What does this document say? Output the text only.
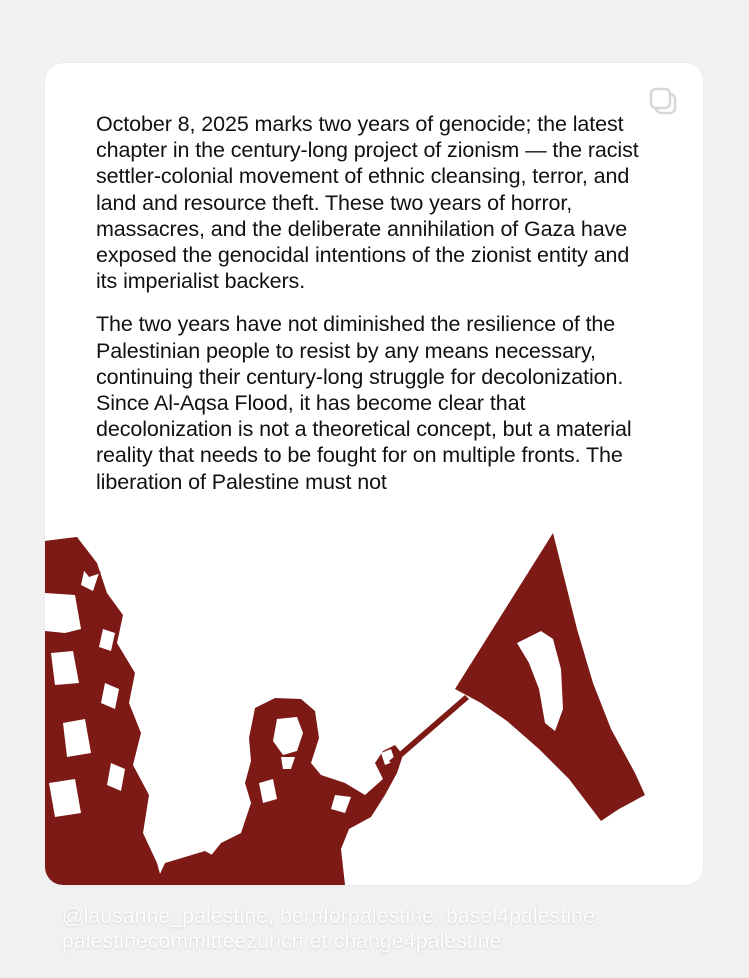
October 8, 2025 marks two years of genocide; the latest chapter in the century-long project of zionism — the racist settler-colonial movement of ethnic cleansing, terror, and land and resource theft. These two years of horror, massacres, and the deliberate annihilation of Gaza have exposed the genocidal intentions of the zionist entity and its imperialist backers.

The two years have not diminished the resilience of the Palestinian people to resist by any means necessary, continuing their century-long struggle for decolonization. Since Al-Aqsa Flood, it has become clear that decolonization is not a theoretical concept, but a material reality that needs to be fought for on multiple fronts. The liberation of Palestine must not

@lausanne_palestine, bernforpalestine, basel4palestine, palestinecommitteezurich et change4palestine
